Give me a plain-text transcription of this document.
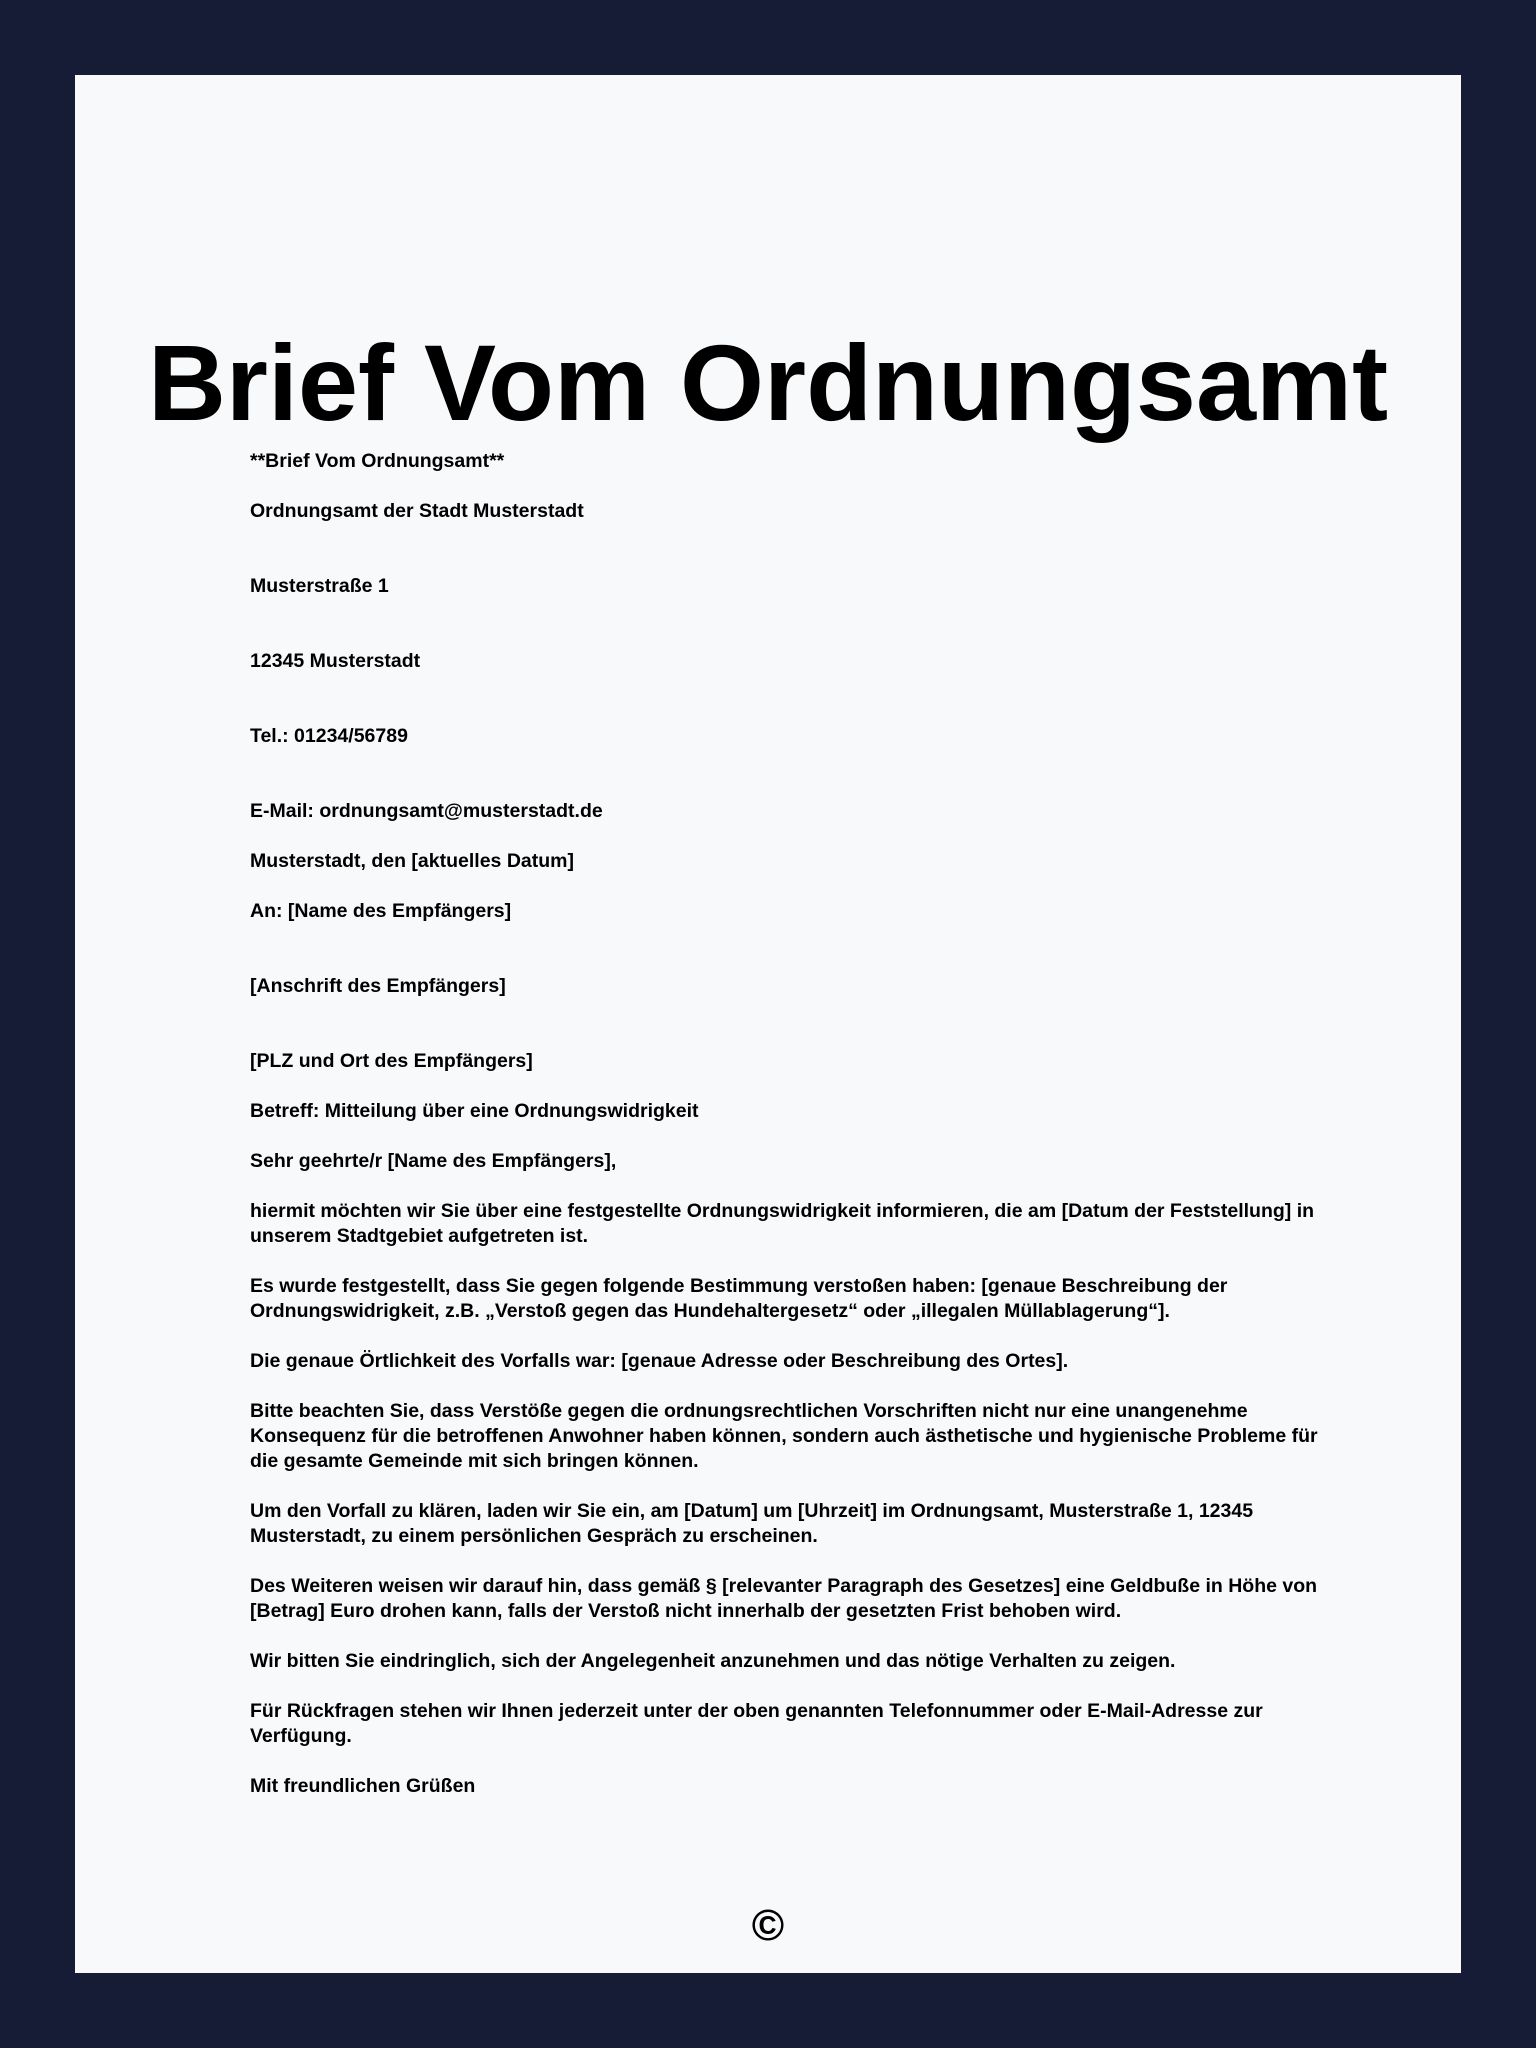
Brief Vom Ordnungsamt

**Brief Vom Ordnungsamt**

Ordnungsamt der Stadt Musterstadt

Musterstraße 1

12345 Musterstadt

Tel.: 01234/56789

E-Mail: ordnungsamt@musterstadt.de

Musterstadt, den [aktuelles Datum]

An: [Name des Empfängers]

[Anschrift des Empfängers]

[PLZ und Ort des Empfängers]

Betreff: Mitteilung über eine Ordnungswidrigkeit

Sehr geehrte/r [Name des Empfängers],

hiermit möchten wir Sie über eine festgestellte Ordnungswidrigkeit informieren, die am [Datum der Feststellung] in unserem Stadtgebiet aufgetreten ist.

Es wurde festgestellt, dass Sie gegen folgende Bestimmung verstoßen haben: [genaue Beschreibung der Ordnungswidrigkeit, z.B. „Verstoß gegen das Hundehaltergesetz“ oder „illegalen Müllablagerung“].

Die genaue Örtlichkeit des Vorfalls war: [genaue Adresse oder Beschreibung des Ortes].

Bitte beachten Sie, dass Verstöße gegen die ordnungsrechtlichen Vorschriften nicht nur eine unangenehme Konsequenz für die betroffenen Anwohner haben können, sondern auch ästhetische und hygienische Probleme für die gesamte Gemeinde mit sich bringen können.

Um den Vorfall zu klären, laden wir Sie ein, am [Datum] um [Uhrzeit] im Ordnungsamt, Musterstraße 1, 12345 Musterstadt, zu einem persönlichen Gespräch zu erscheinen.

Des Weiteren weisen wir darauf hin, dass gemäß § [relevanter Paragraph des Gesetzes] eine Geldbuße in Höhe von [Betrag] Euro drohen kann, falls der Verstoß nicht innerhalb der gesetzten Frist behoben wird.

Wir bitten Sie eindringlich, sich der Angelegenheit anzunehmen und das nötige Verhalten zu zeigen.

Für Rückfragen stehen wir Ihnen jederzeit unter der oben genannten Telefonnummer oder E-Mail-Adresse zur Verfügung.

Mit freundlichen Grüßen

©
